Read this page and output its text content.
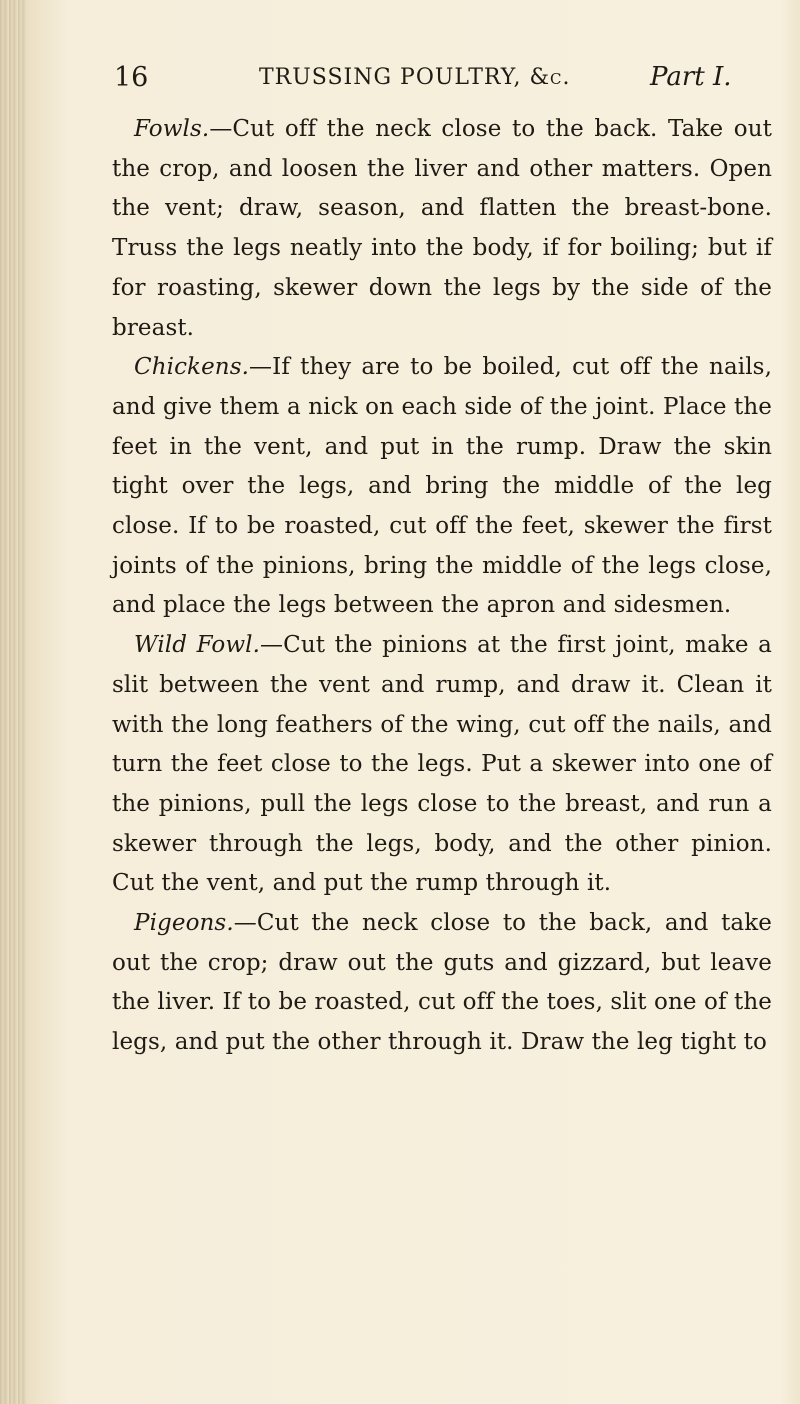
16	TRUSSING POULTRY, &c.	Part I.

Fowls.—Cut off the neck close to the back. Take out the crop, and loosen the liver and other matters. Open the vent; draw, season, and flatten the breast-bone. Truss the legs neatly into the body, if for boiling; but if for roasting, skewer down the legs by the side of the breast.

Chickens.—If they are to be boiled, cut off the nails, and give them a nick on each side of the joint. Place the feet in the vent, and put in the rump. Draw the skin tight over the legs, and bring the middle of the leg close. If to be roasted, cut off the feet, skewer the first joints of the pinions, bring the middle of the legs close, and place the legs between the apron and sidesmen.

Wild Fowl.—Cut the pinions at the first joint, make a slit between the vent and rump, and draw it. Clean it with the long feathers of the wing, cut off the nails, and turn the feet close to the legs. Put a skewer into one of the pinions, pull the legs close to the breast, and run a skewer through the legs, body, and the other pinion. Cut the vent, and put the rump through it.

Pigeons.—Cut the neck close to the back, and take out the crop; draw out the guts and gizzard, but leave the liver. If to be roasted, cut off the toes, slit one of the legs, and put the other through it. Draw the leg tight to
